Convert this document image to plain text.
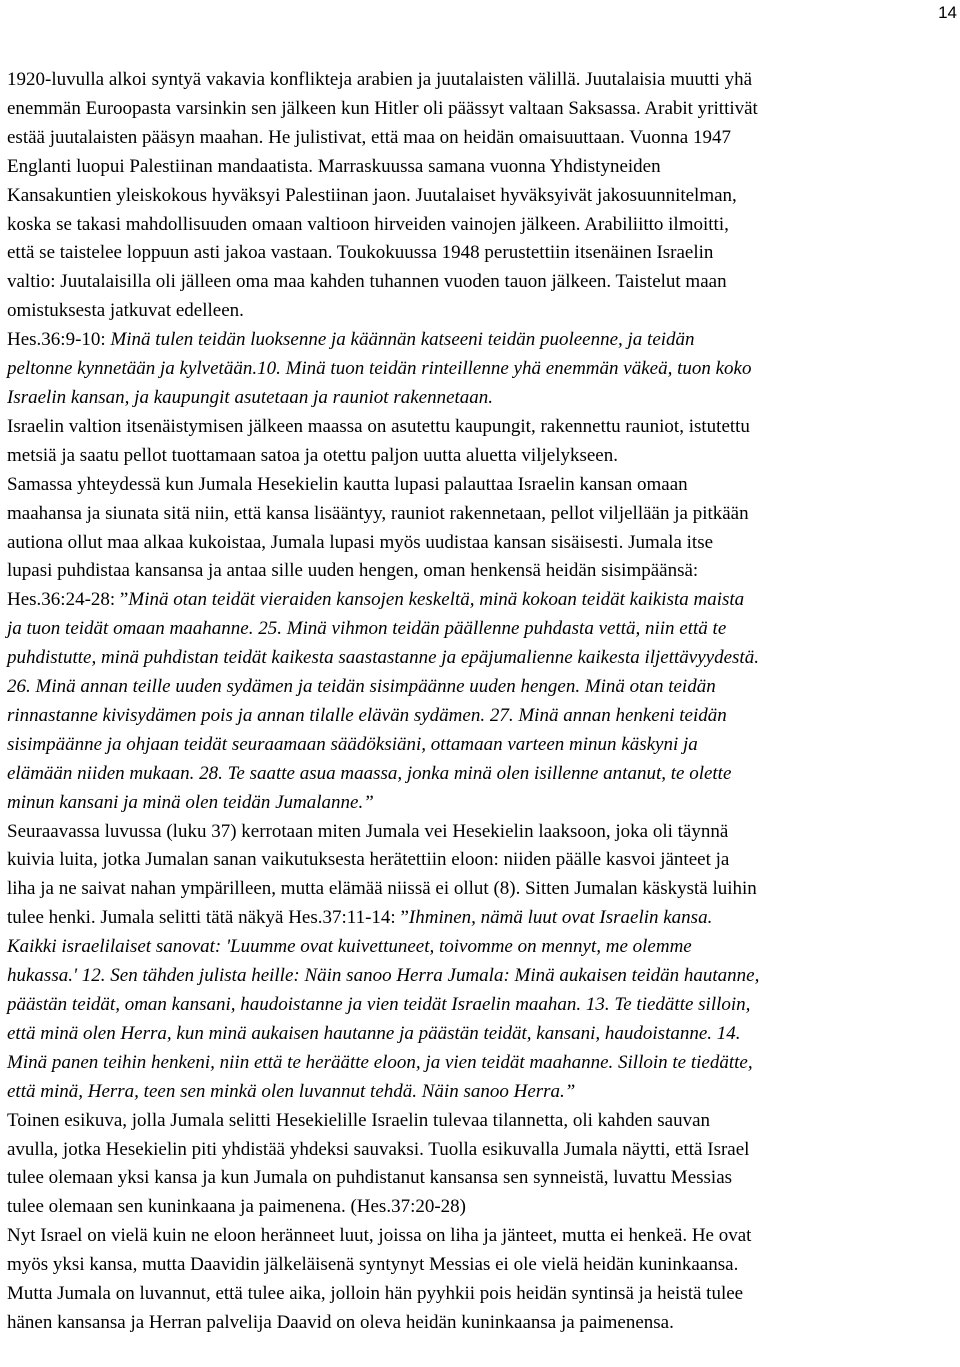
14
1920-luvulla alkoi syntyä vakavia konflikteja arabien ja juutalaisten välillä. Juutalaisia muutti yhä
enemmän Euroopasta varsinkin sen jälkeen kun Hitler oli päässyt valtaan Saksassa. Arabit yrittivät
estää juutalaisten pääsyn maahan. He julistivat, että maa on heidän omaisuuttaan. Vuonna 1947
Englanti luopui Palestiinan mandaatista. Marraskuussa samana vuonna Yhdistyneiden
Kansakuntien yleiskokous hyväksyi Palestiinan jaon. Juutalaiset hyväksyivät jakosuunnitelman,
koska se takasi mahdollisuuden omaan valtioon hirveiden vainojen jälkeen. Arabiliitto ilmoitti,
että se taistelee loppuun asti jakoa vastaan. Toukokuussa 1948 perustettiin itsenäinen Israelin
valtio: Juutalaisilla oli jälleen oma maa kahden tuhannen vuoden tauon jälkeen. Taistelut maan
omistuksesta jatkuvat edelleen.
Hes.36:9-10: Minä tulen teidän luoksenne ja käännän katseeni teidän puoleenne, ja teidän
peltonne kynnetään ja kylvetään.10. Minä tuon teidän rinteillenne yhä enemmän väkeä, tuon koko
Israelin kansan, ja kaupungit asutetaan ja rauniot rakennetaan.
Israelin valtion itsenäistymisen jälkeen maassa on asutettu kaupungit, rakennettu rauniot, istutettu
metsiä ja saatu pellot tuottamaan satoa ja otettu paljon uutta aluetta viljelykseen.
Samassa yhteydessä kun Jumala Hesekielin kautta lupasi palauttaa Israelin kansan omaan
maahansa ja siunata sitä niin, että kansa lisääntyy, rauniot rakennetaan, pellot viljellään ja pitkään
autiona ollut maa alkaa kukoistaa, Jumala lupasi myös uudistaa kansan sisäisesti. Jumala itse
lupasi puhdistaa kansansa ja antaa sille uuden hengen, oman henkensä heidän sisimpäänsä:
Hes.36:24-28: ”Minä otan teidät vieraiden kansojen keskeltä, minä kokoan teidät kaikista maista
ja tuon teidät omaan maahanne. 25. Minä vihmon teidän päällenne puhdasta vettä, niin että te
puhdistutte, minä puhdistan teidät kaikesta saastastanne ja epäjumalienne kaikesta iljettävyydestä.
26. Minä annan teille uuden sydämen ja teidän sisimpäänne uuden hengen. Minä otan teidän
rinnastanne kivisydämen pois ja annan tilalle elävän sydämen. 27. Minä annan henkeni teidän
sisimpäänne ja ohjaan teidät seuraamaan säädöksiäni, ottamaan varteen minun käskyni ja
elämään niiden mukaan. 28. Te saatte asua maassa, jonka minä olen isillenne antanut, te olette
minun kansani ja minä olen teidän Jumalanne.”
Seuraavassa luvussa (luku 37) kerrotaan miten Jumala vei Hesekielin laaksoon, joka oli täynnä
kuivia luita, jotka Jumalan sanan vaikutuksesta herätettiin eloon: niiden päälle kasvoi jänteet ja
liha ja ne saivat nahan ympärilleen, mutta elämää niissä ei ollut (8). Sitten Jumalan käskystä luihin
tulee henki. Jumala selitti tätä näkyä Hes.37:11-14: ”Ihminen, nämä luut ovat Israelin kansa.
Kaikki israelilaiset sanovat: 'Luumme ovat kuivettuneet, toivomme on mennyt, me olemme
hukassa.' 12. Sen tähden julista heille: Näin sanoo Herra Jumala: Minä aukaisen teidän hautanne,
päästän teidät, oman kansani, haudoistanne ja vien teidät Israelin maahan. 13. Te tiedätte silloin,
että minä olen Herra, kun minä aukaisen hautanne ja päästän teidät, kansani, haudoistanne. 14.
Minä panen teihin henkeni, niin että te heräätte eloon, ja vien teidät maahanne. Silloin te tiedätte,
että minä, Herra, teen sen minkä olen luvannut tehdä. Näin sanoo Herra.”
Toinen esikuva, jolla Jumala selitti Hesekielille Israelin tulevaa tilannetta, oli kahden sauvan
avulla, jotka Hesekielin piti yhdistää yhdeksi sauvaksi. Tuolla esikuvalla Jumala näytti, että Israel
tulee olemaan yksi kansa ja kun Jumala on puhdistanut kansansa sen synneistä, luvattu Messias
tulee olemaan sen kuninkaana ja paimenena. (Hes.37:20-28)
Nyt Israel on vielä kuin ne eloon heränneet luut, joissa on liha ja jänteet, mutta ei henkeä. He ovat
myös yksi kansa, mutta Daavidin jälkeläisenä syntynyt Messias ei ole vielä heidän kuninkaansa.
Mutta Jumala on luvannut, että tulee aika, jolloin hän pyyhkii pois heidän syntinsä ja heistä tulee
hänen kansansa ja Herran palvelija Daavid on oleva heidän kuninkaansa ja paimenensa.
